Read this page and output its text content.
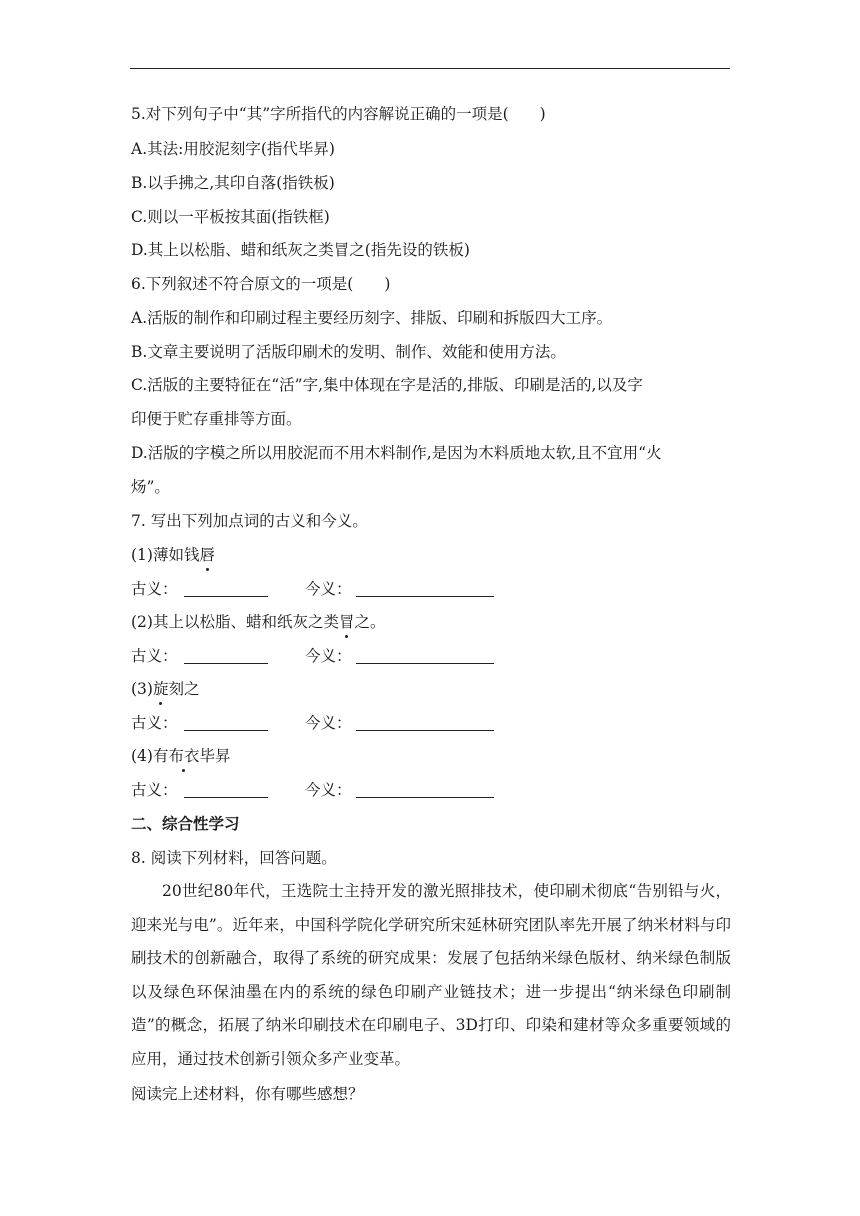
5.对下列句子中“其”字所指代的内容解说正确的一项是(　　)
A.其法:用胶泥刻字(指代毕昇)
B.以手拂之,其印自落(指铁板)
C.则以一平板按其面(指铁框)
D.其上以松脂、蜡和纸灰之类冒之(指先设的铁板)
6.下列叙述不符合原文的一项是(　　)
A.活版的制作和印刷过程主要经历刻字、排版、印刷和拆版四大工序。
B.文章主要说明了活版印刷术的发明、制作、效能和使用方法。
C.活版的主要特征在“活”字,集中体现在字是活的,排版、印刷是活的,以及字
印便于贮存重排等方面。
D.活版的字模之所以用胶泥而不用木料制作,是因为木料质地太软,且不宜用“火
炀”。
7. 写出下列加点词的古义和今义。
(1)薄如钱唇
古义：	今义：
(2)其上以松脂、蜡和纸灰之类冒之。
古义：	今义：
(3)旋刻之
古义：	今义：
(4)有布衣毕昇
古义：	今义：
二、综合性学习
8. 阅读下列材料，回答问题。
20世纪80年代，王选院士主持开发的激光照排技术，使印刷术彻底“告别铅与火，迎来光与电”。近年来，中国科学院化学研究所宋延林研究团队率先开展了纳米材料与印刷技术的创新融合，取得了系统的研究成果：发展了包括纳米绿色版材、纳米绿色制版以及绿色环保油墨在内的系统的绿色印刷产业链技术；进一步提出“纳米绿色印刷制造”的概念，拓展了纳米印刷技术在印刷电子、3D打印、印染和建材等众多重要领域的应用，通过技术创新引领众多产业变革。
阅读完上述材料，你有哪些感想？
